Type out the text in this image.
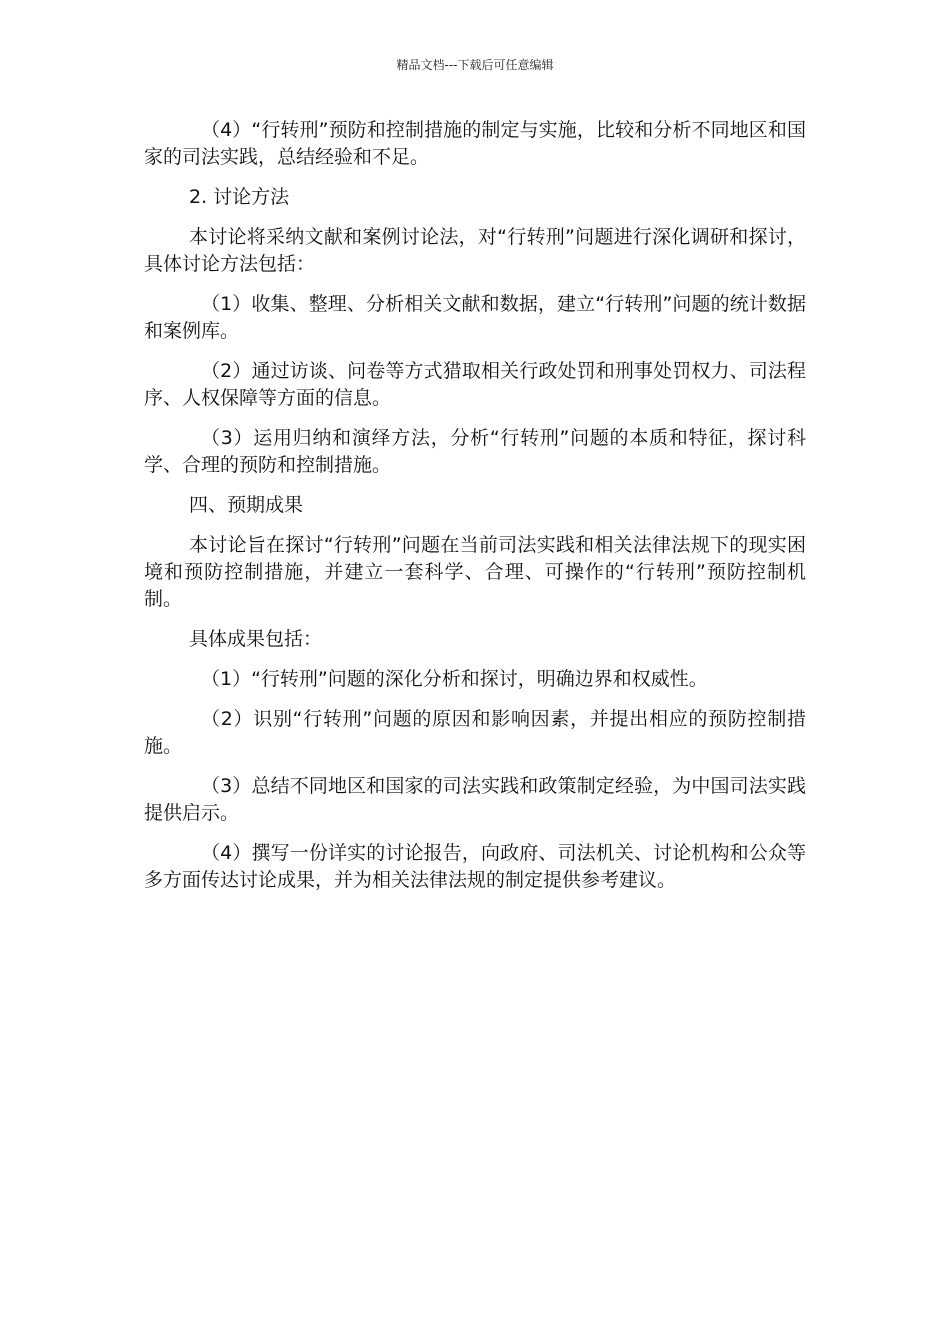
精品文档---下载后可任意编辑

（4）“行转刑”预防和控制措施的制定与实施，比较和分析不同地区和国家的司法实践，总结经验和不足。

2. 讨论方法

本讨论将采纳文献和案例讨论法，对“行转刑”问题进行深化调研和探讨，具体讨论方法包括：

（1）收集、整理、分析相关文献和数据，建立“行转刑”问题的统计数据和案例库。

（2）通过访谈、问卷等方式猎取相关行政处罚和刑事处罚权力、司法程序、人权保障等方面的信息。

（3）运用归纳和演绎方法，分析“行转刑”问题的本质和特征，探讨科学、合理的预防和控制措施。

四、预期成果

本讨论旨在探讨“行转刑”问题在当前司法实践和相关法律法规下的现实困境和预防控制措施，并建立一套科学、合理、可操作的“行转刑”预防控制机制。

具体成果包括：

（1）“行转刑”问题的深化分析和探讨，明确边界和权威性。

（2）识别“行转刑”问题的原因和影响因素，并提出相应的预防控制措施。

（3）总结不同地区和国家的司法实践和政策制定经验，为中国司法实践提供启示。

（4）撰写一份详实的讨论报告，向政府、司法机关、讨论机构和公众等多方面传达讨论成果，并为相关法律法规的制定提供参考建议。
